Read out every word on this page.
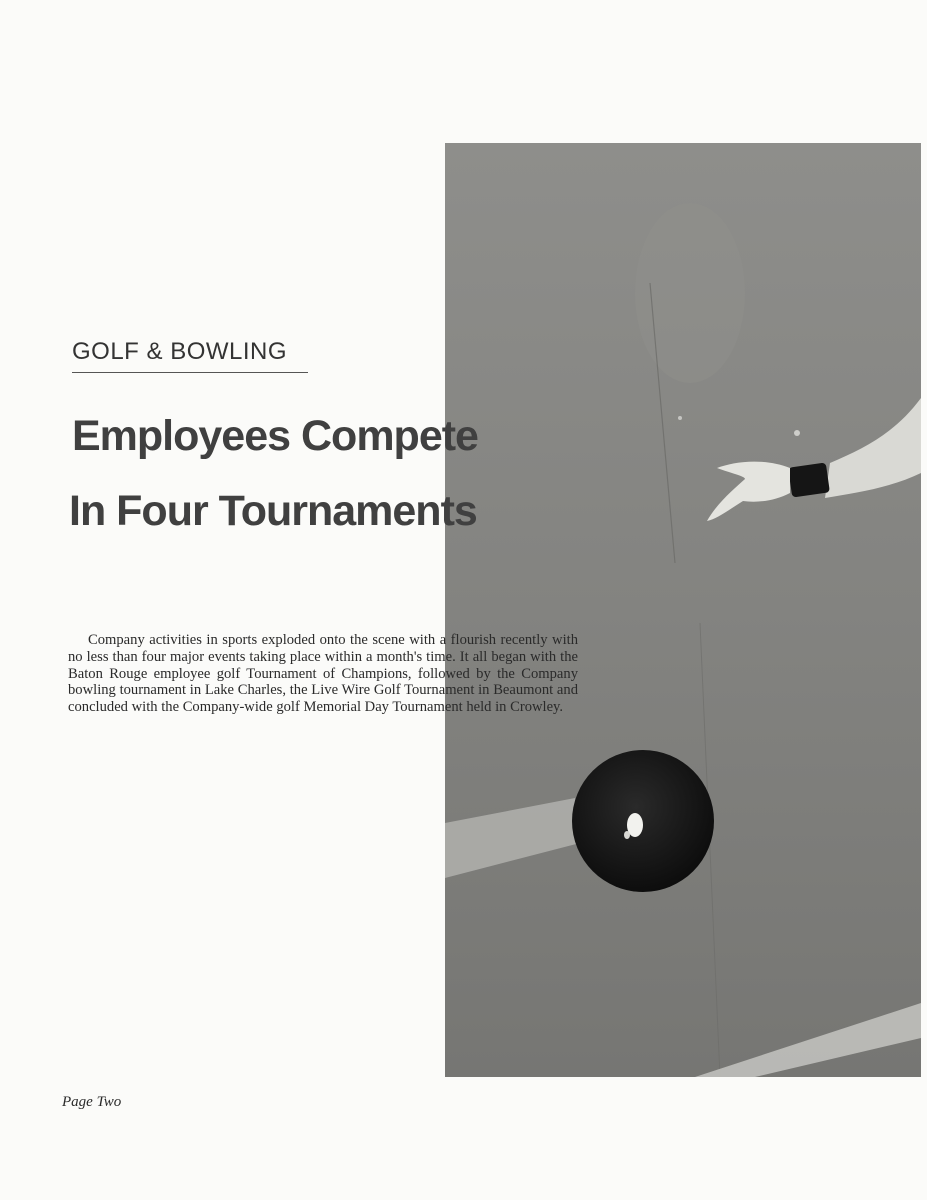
GOLF & BOWLING
Employees Compete
In Four Tournaments
Company activities in sports exploded onto the scene with a flourish recently with no less than four major events taking place within a month's time. It all began with the Baton Rouge employee golf Tournament of Champions, followed by the Company bowling tournament in Lake Charles, the Live Wire Golf Tournament in Beaumont and concluded with the Company-wide golf Memorial Day Tournament held in Crowley.
Page Two
